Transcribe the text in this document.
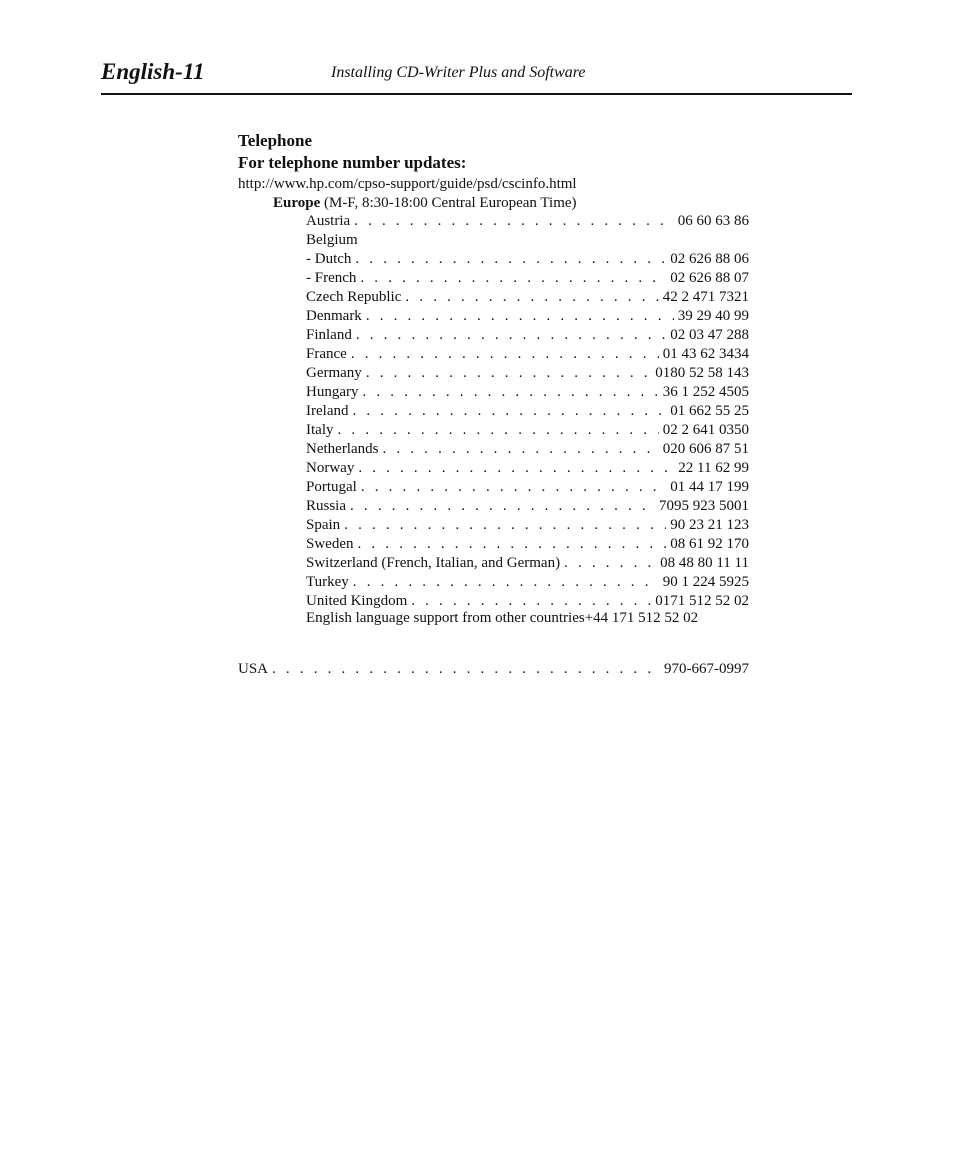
English-11	Installing CD-Writer Plus and Software
Telephone
For telephone number updates:
http://www.hp.com/cpso-support/guide/psd/cscinfo.html
Europe (M-F, 8:30-18:00 Central European Time)
Austria . . .	06 60 63 86
Belgium
- Dutch . . .	02 626 88 06
- French . . .	02 626 88 07
Czech Republic . . .	42 2 471 7321
Denmark . . .	39 29 40 99
Finland . . .	02 03 47 288
France . . .	01 43 62 3434
Germany . . .	0180 52 58 143
Hungary . . .	36 1 252 4505
Ireland . . .	01 662 55 25
Italy . . .	02 2 641 0350
Netherlands . . .	020 606 87 51
Norway . . .	22 11 62 99
Portugal . . .	01 44 17 199
Russia . . .	7095 923 5001
Spain . . .	90 23 21 123
Sweden . . .	08 61 92 170
Switzerland (French, Italian, and German) . . .	08 48 80 11 11
Turkey . . .	90 1 224 5925
United Kingdom . . .	0171 512 52 02
English language support from other countries +44 171 512 52 02
USA . . .	970-667-0997
